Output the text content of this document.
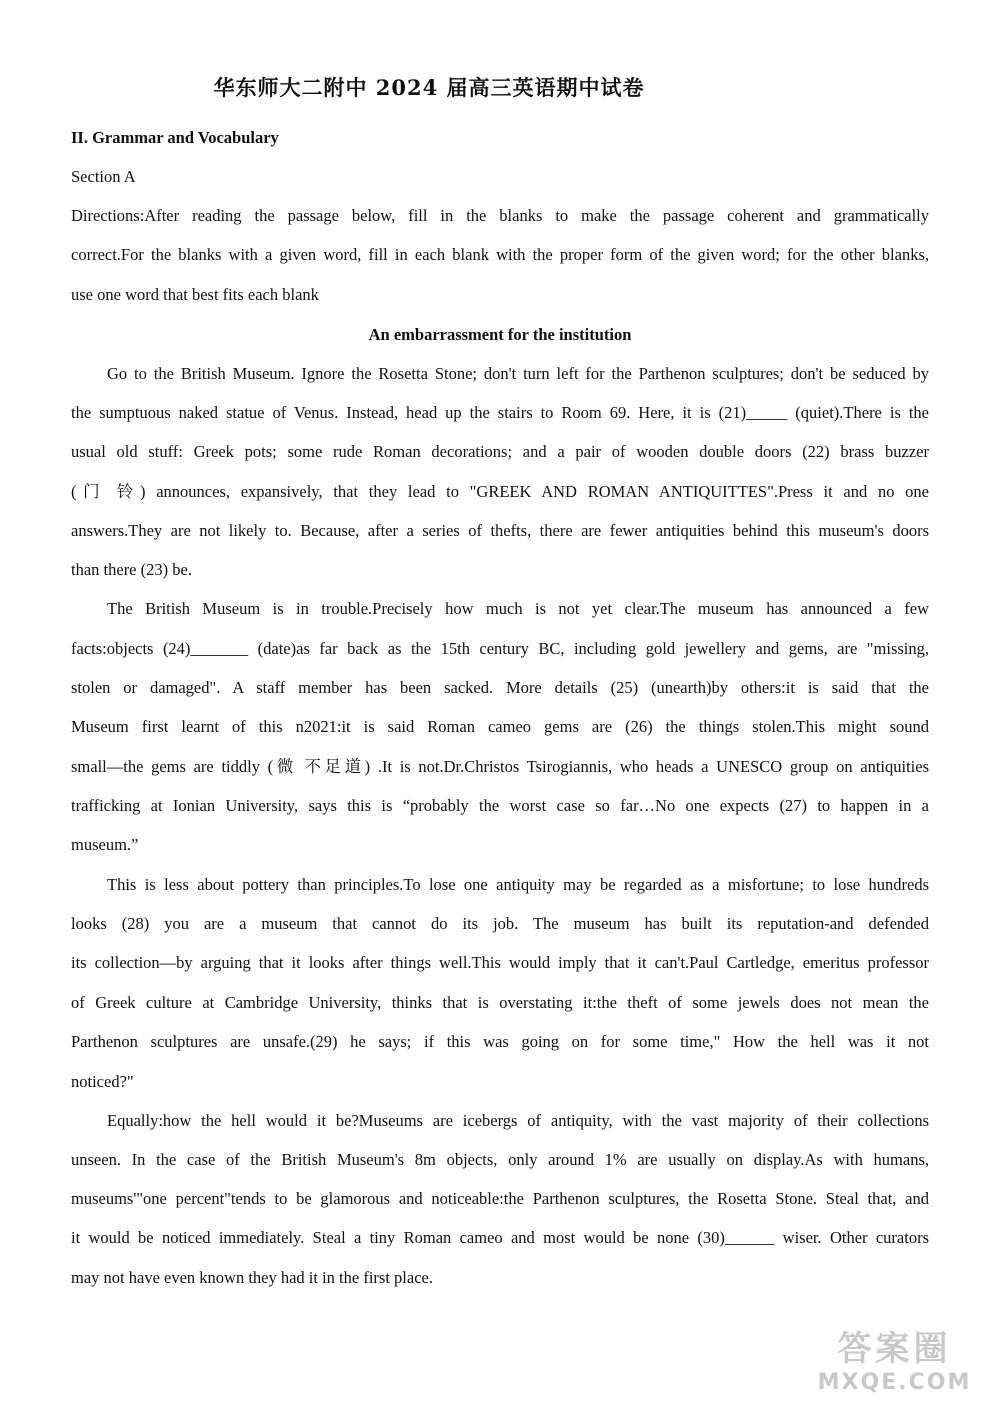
华东师大二附中 2024 届高三英语期中试卷
II. Grammar and Vocabulary
Section A
Directions:After reading the passage below, fill in the blanks to make the passage coherent and grammatically
correct.For the blanks with a given word, fill in each blank with the proper form of the given word; for the other blanks,
use one word that best fits each blank
An embarrassment for the institution
Go to the British Museum. Ignore the Rosetta Stone; don't turn left for the Parthenon sculptures; don't be seduced by
the sumptuous naked statue of Venus. Instead, head up the stairs to Room 69. Here, it is (21)_____ (quiet).There is the
usual old stuff: Greek pots; some rude Roman decorations; and a pair of wooden double doors (22) brass buzzer
(门 铃) announces, expansively, that they lead to "GREEK AND ROMAN ANTIQUITTES".Press it and no one
answers.They are not likely to. Because, after a series of thefts, there are fewer antiquities behind this museum's doors
than there (23) be.
The British Museum is in trouble.Precisely how much is not yet clear.The museum has announced a few
facts:objects (24)_______ (date)as far back as the 15th century BC, including gold jewellery and gems, are "missing,
stolen or damaged". A staff member has been sacked. More details (25) (unearth)by others:it is said that the
Museum first learnt of this n2021:it is said Roman cameo gems are (26) the things stolen.This might sound
small—the gems are tiddly (微 不足道) .It is not.Dr.Christos Tsirogiannis, who heads a UNESCO group on antiquities
trafficking at Ionian University, says this is “probably the worst case so far…No one expects (27) to happen in a
museum.”
This is less about pottery than principles.To lose one antiquity may be regarded as a misfortune; to lose hundreds
looks (28) you are a museum that cannot do its job. The museum has built its reputation-and defended
its collection—by arguing that it looks after things well.This would imply that it can't.Paul Cartledge, emeritus professor
of Greek culture at Cambridge University, thinks that is overstating it:the theft of some jewels does not mean the
Parthenon sculptures are unsafe.(29) he says; if this was going on for some time," How the hell was it not
noticed?"
Equally:how the hell would it be?Museums are icebergs of antiquity, with the vast majority of their collections
unseen. In the case of the British Museum's 8m objects, only around 1% are usually on display.As with humans,
museums'"one percent"tends to be glamorous and noticeable:the Parthenon sculptures, the Rosetta Stone. Steal that, and
it would be noticed immediately. Steal a tiny Roman cameo and most would be none (30)______ wiser. Other curators
may not have even known they had it in the first place.
答案圈
MXQE.COM
